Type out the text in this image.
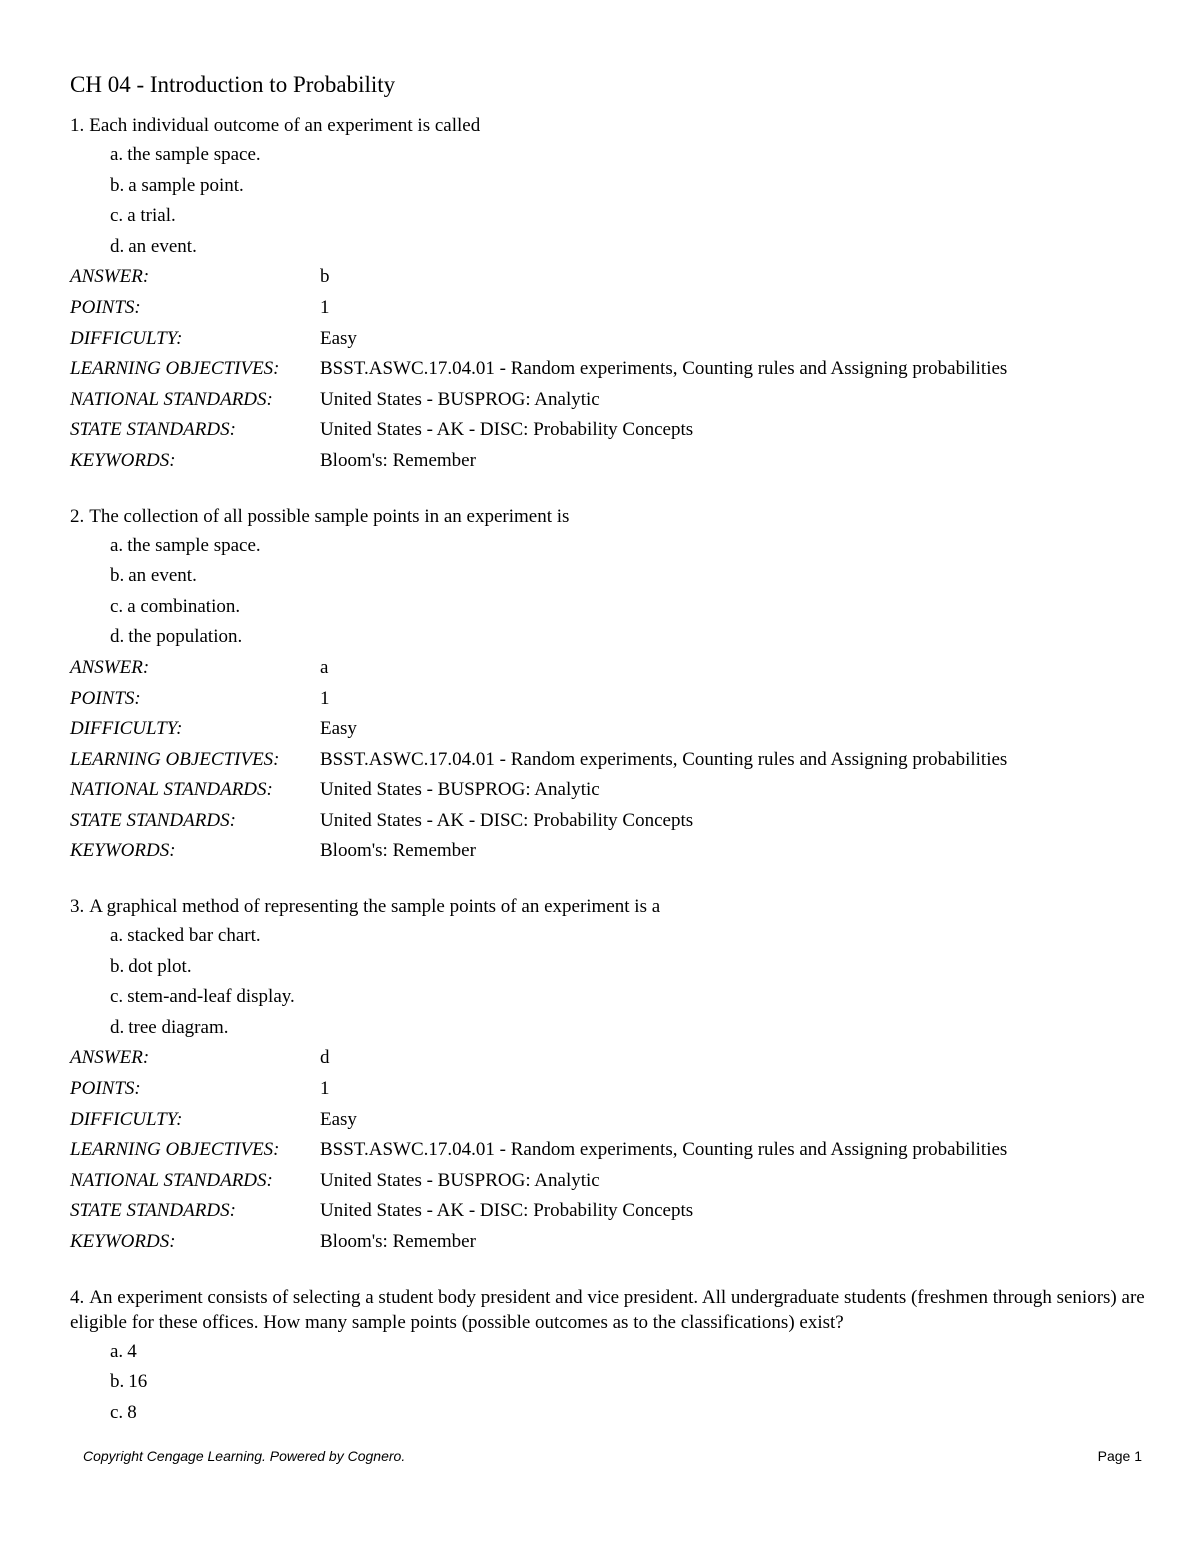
CH 04 - Introduction to Probability
1. Each individual outcome of an experiment is called
a. the sample space.
b. a sample point.
c. a trial.
d. an event.
ANSWER:	b
POINTS:	1
DIFFICULTY:	Easy
LEARNING OBJECTIVES:	BSST.ASWC.17.04.01 - Random experiments, Counting rules and Assigning probabilities
NATIONAL STANDARDS:	United States - BUSPROG: Analytic
STATE STANDARDS:	United States - AK - DISC: Probability Concepts
KEYWORDS:	Bloom's: Remember
2. The collection of all possible sample points in an experiment is
a. the sample space.
b. an event.
c. a combination.
d. the population.
ANSWER:	a
POINTS:	1
DIFFICULTY:	Easy
LEARNING OBJECTIVES:	BSST.ASWC.17.04.01 - Random experiments, Counting rules and Assigning probabilities
NATIONAL STANDARDS:	United States - BUSPROG: Analytic
STATE STANDARDS:	United States - AK - DISC: Probability Concepts
KEYWORDS:	Bloom's: Remember
3. A graphical method of representing the sample points of an experiment is a
a. stacked bar chart.
b. dot plot.
c. stem-and-leaf display.
d. tree diagram.
ANSWER:	d
POINTS:	1
DIFFICULTY:	Easy
LEARNING OBJECTIVES:	BSST.ASWC.17.04.01 - Random experiments, Counting rules and Assigning probabilities
NATIONAL STANDARDS:	United States - BUSPROG: Analytic
STATE STANDARDS:	United States - AK - DISC: Probability Concepts
KEYWORDS:	Bloom's: Remember
4. An experiment consists of selecting a student body president and vice president. All undergraduate students (freshmen through seniors) are eligible for these offices. How many sample points (possible outcomes as to the classifications) exist?
a. 4
b. 16
c. 8
Copyright Cengage Learning. Powered by Cognero.	Page 1
